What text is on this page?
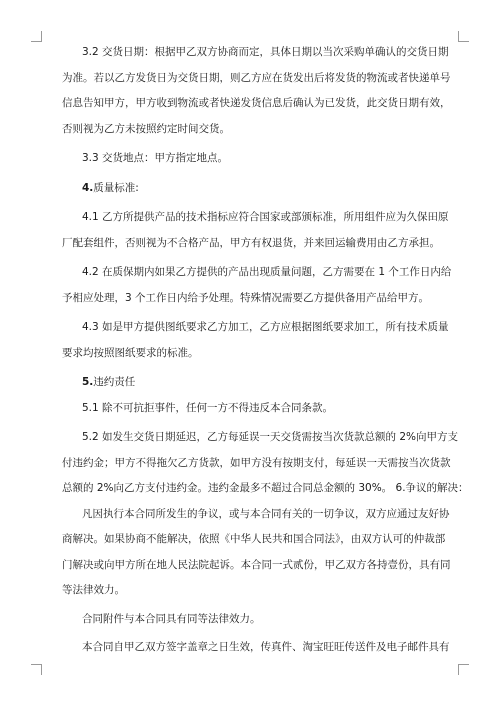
3.2 交货日期：根据甲乙双方协商而定，具体日期以当次采购单确认的交货日期
为准。若以乙方发货日为交货日期，则乙方应在货发出后将发货的物流或者快递单号
信息告知甲方，甲方收到物流或者快递发货信息后确认为已发货，此交货日期有效，
否则视为乙方未按照约定时间交货。

3.3 交货地点：甲方指定地点。

4.质量标准:

4.1 乙方所提供产品的技术指标应符合国家或部颁标准，所用组件应为久保田原
厂配套组件，否则视为不合格产品，甲方有权退货，并来回运输费用由乙方承担。

4.2 在质保期内如果乙方提供的产品出现质量问题，乙方需要在 1 个工作日内给
予相应处理，3 个工作日内给予处理。特殊情况需要乙方提供备用产品给甲方。

4.3 如是甲方提供图纸要求乙方加工，乙方应根据图纸要求加工，所有技术质量
要求均按照图纸要求的标准。

5.违约责任

5.1 除不可抗拒事件，任何一方不得违反本合同条款。

5.2 如发生交货日期延迟，乙方每延误一天交货需按当次货款总额的 2%向甲方支
付违约金；甲方不得拖欠乙方货款，如甲方没有按期支付，每延误一天需按当次货款
总额的 2%向乙方支付违约金。违约金最多不超过合同总金额的 30%。 6.争议的解决：

凡因执行本合同所发生的争议，或与本合同有关的一切争议，双方应通过友好协
商解决。如果协商不能解决，依照《中华人民共和国合同法》，由双方认可的仲裁部
门解决或向甲方所在地人民法院起诉。本合同一式贰份，甲乙双方各持壹份，具有同
等法律效力。

合同附件与本合同具有同等法律效力。

本合同自甲乙双方签字盖章之日生效，传真件、淘宝旺旺传送件及电子邮件具有
